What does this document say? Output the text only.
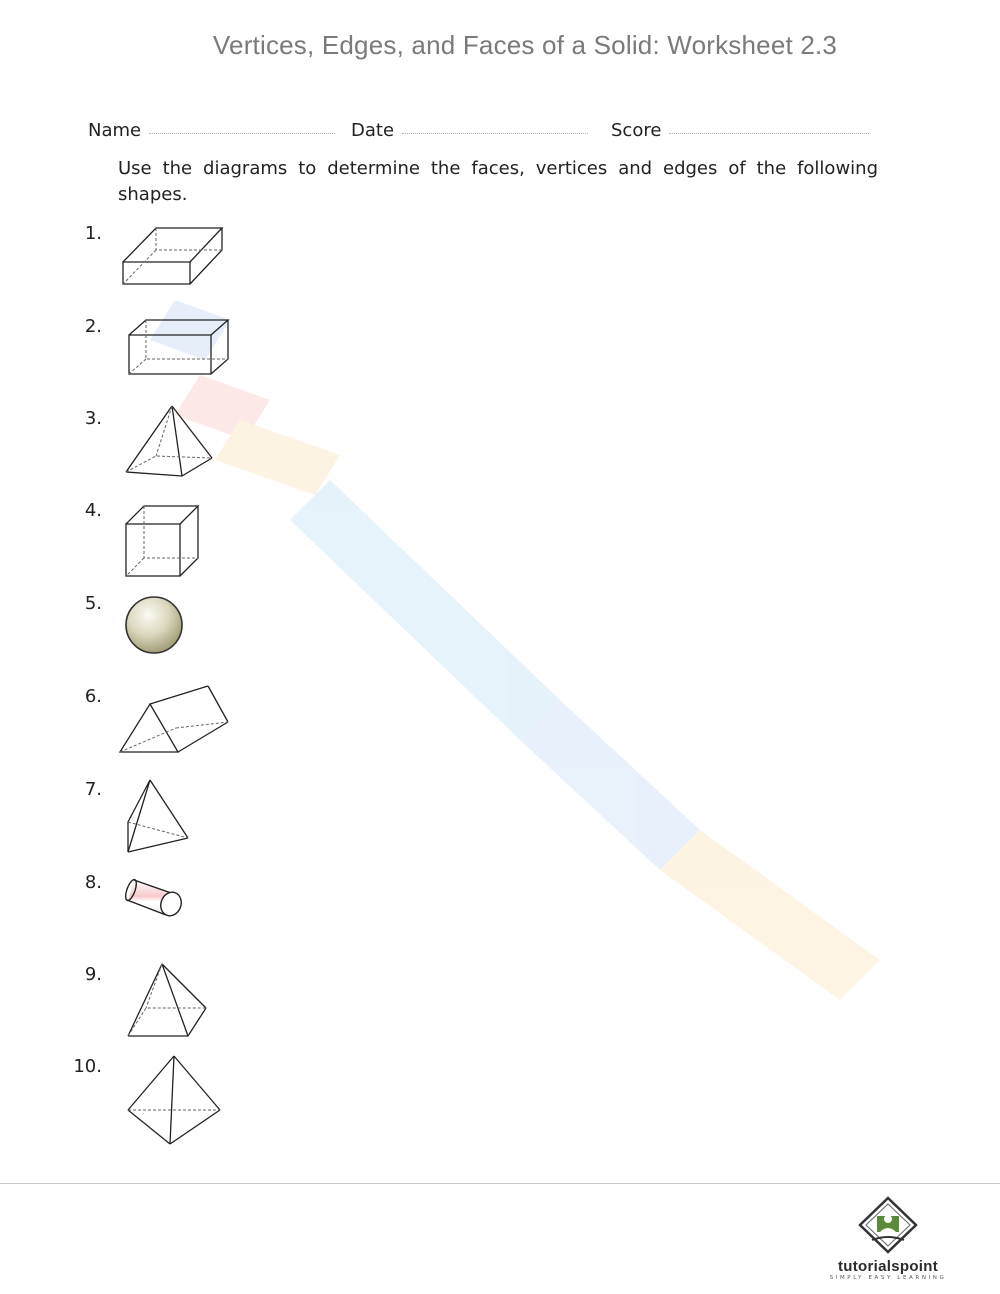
Vertices, Edges, and Faces of a Solid: Worksheet 2.3
Name	Date	Score
Use the diagrams to determine the faces, vertices and edges of the following shapes.
1.
2.
3.
4.
5.
6.
7.
8.
9.
10.
tutorialspoint
SIMPLY EASY LEARNING
